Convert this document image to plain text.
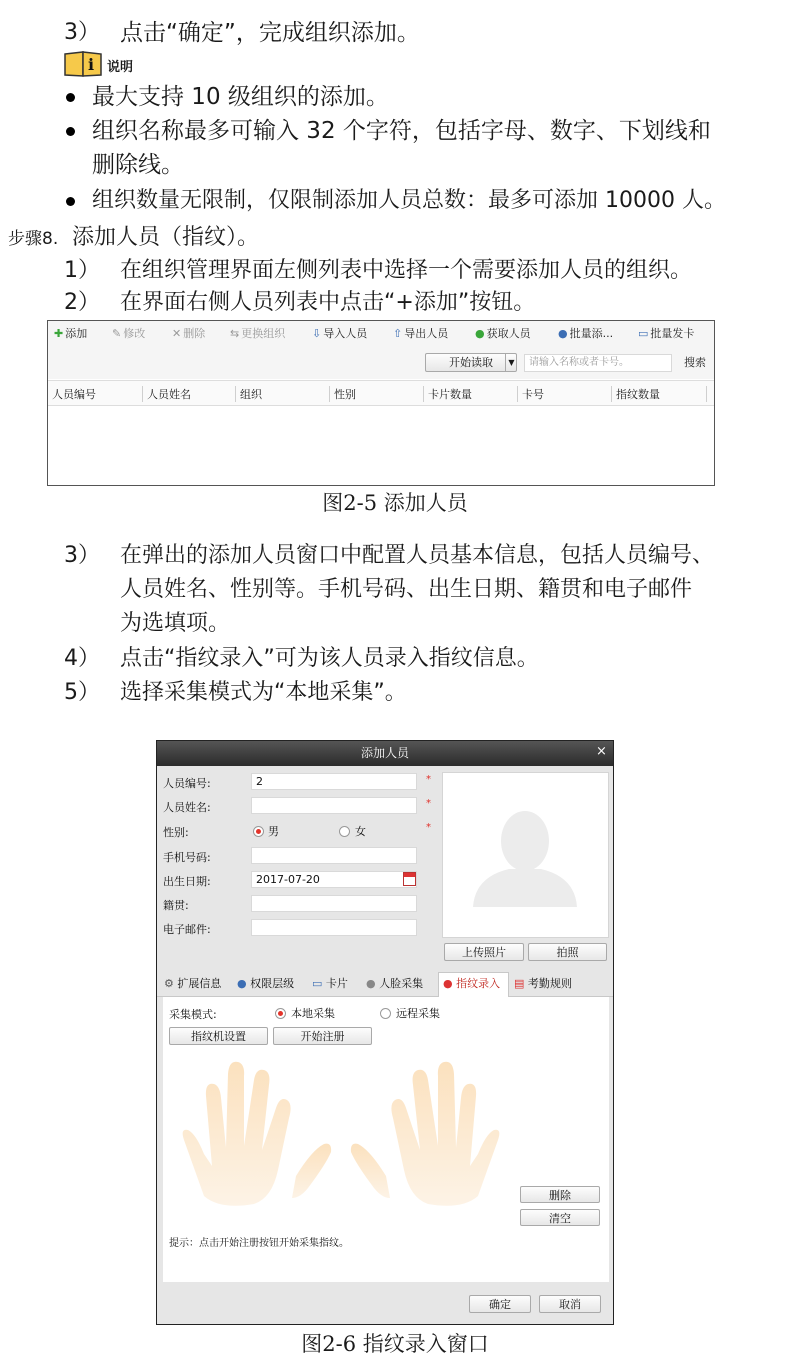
3） 点击“确定”，完成组织添加。
i 说明
最大支持 10 级组织的添加。
组织名称最多可输入 32 个字符，包括字母、数字、下划线和
删除线。
组织数量无限制，仅限制添加人员总数：最多可添加 10000 人。
步骤8. 添加人员（指纹）。
1） 在组织管理界面左侧列表中选择一个需要添加人员的组织。
2） 在界面右侧人员列表中点击“+添加”按钮。
✚ 添加 ✎ 修改 ✕ 删除 ⇆ 更换组织 ⇩ 导入人员 ⇧ 导出人员 ● 获取人员 ● 批量添... ▭ 批量发卡
开始读取	▼	请输入名称或者卡号。	搜索
人员编号	人员姓名	组织	性别	卡片数量	卡号	指纹数量
图2-5 添加人员
3） 在弹出的添加人员窗口中配置人员基本信息，包括人员编号、
人员姓名、性别等。手机号码、出生日期、籍贯和电子邮件
为选填项。
4） 点击“指纹录入”可为该人员录入指纹信息。
5） 选择采集模式为“本地采集”。
添加人员	×
人员编号:	2	*
人员姓名:	*
性别:	男	女	*
手机号码:
出生日期:	2017-07-20
籍贯:
电子邮件:
上传照片	拍照
⚙ 扩展信息 ● 权限层级 ▭ 卡片 ● 人脸采集 ● 指纹录入 ▤ 考勤规则
采集模式:	本地采集	远程采集
指纹机设置	开始注册
删除
清空
提示：点击开始注册按钮开始采集指纹。
确定	取消
图2-6 指纹录入窗口
